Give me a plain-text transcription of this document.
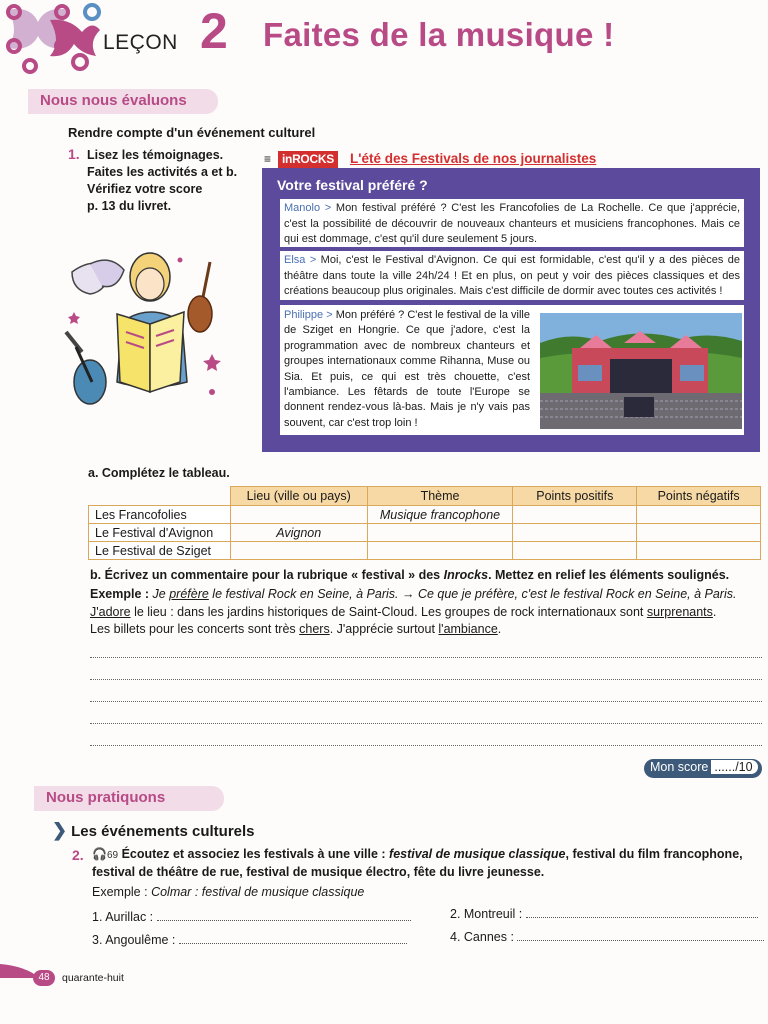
LEÇON 2 Faites de la musique !
Nous nous évaluons
Rendre compte d'un événement culturel
1. Lisez les témoignages.
Faites les activités a et b.
Vérifiez votre score
p. 13 du livret.
≡ inROCKS L'été des Festivals de nos journalistes
Votre festival préféré ?
Manolo > Mon festival préféré ? C'est les Francofolies de La Rochelle. Ce que j'apprécie, c'est la possibilité de découvrir de nouveaux chanteurs et musiciens francophones. Mais ce qui est dommage, c'est qu'il dure seulement 5 jours.
Elsa > Moi, c'est le Festival d'Avignon. Ce qui est formidable, c'est qu'il y a des pièces de théâtre dans toute la ville 24h/24 ! Et en plus, on peut y voir des pièces classiques et des créations beaucoup plus originales. Mais c'est difficile de dormir avec toutes ces activités !
Philippe > Mon préféré ? C'est le festival de la ville de Sziget en Hongrie. Ce que j'adore, c'est la programmation avec de nombreux chanteurs et groupes internationaux comme Rihanna, Muse ou Sia. Et puis, ce qui est très chouette, c'est l'ambiance. Les fêtards de toute l'Europe se donnent rendez-vous là-bas. Mais je n'y vais pas souvent, car c'est trop loin !
a. Complétez le tableau.
	Lieu (ville ou pays)	Thème	Points positifs	Points négatifs
Les Francofolies		Musique francophone		
Le Festival d'Avignon	Avignon			
Le Festival de Sziget				
b. Écrivez un commentaire pour la rubrique « festival » des Inrocks. Mettez en relief les éléments soulignés.
Exemple : Je préfère le festival Rock en Seine, à Paris. → Ce que je préfère, c'est le festival Rock en Seine, à Paris.
J'adore le lieu : dans les jardins historiques de Saint-Cloud. Les groupes de rock internationaux sont surprenants.
Les billets pour les concerts sont très chers. J'apprécie surtout l'ambiance.
Mon score ....../10
Nous pratiquons
❯ Les événements culturels
2. 🎧69 Écoutez et associez les festivals à une ville : festival de musique classique, festival du film francophone, festival de théâtre de rue, festival de musique électro, fête du livre jeunesse.
Exemple : Colmar : festival de musique classique
1. Aurillac :	2. Montreuil :
3. Angoulême :	4. Cannes :
48	quarante-huit
